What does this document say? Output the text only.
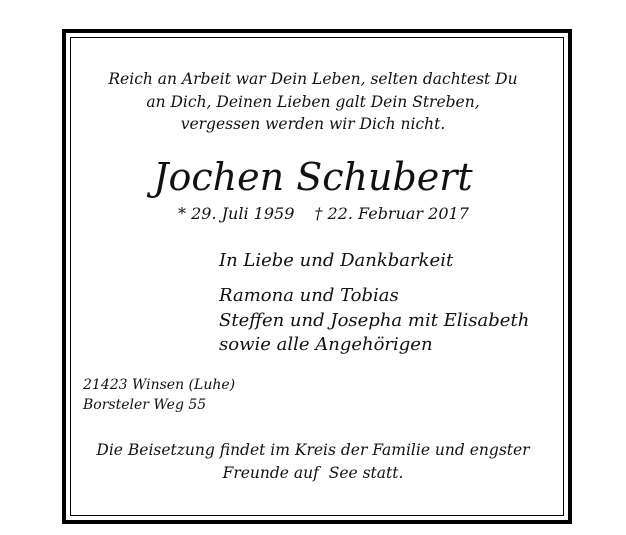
Reich an Arbeit war Dein Leben, selten dachtest Du
an Dich, Deinen Lieben galt Dein Streben,
vergessen werden wir Dich nicht.
Jochen Schubert
* 29. Juli 1959 † 22. Februar 2017
In Liebe und Dankbarkeit
Ramona und Tobias
Steffen und Josepha mit Elisabeth
sowie alle Angehörigen
21423 Winsen (Luhe)
Borsteler Weg 55
Die Beisetzung findet im Kreis der Familie und engster
Freunde auf  See statt.
